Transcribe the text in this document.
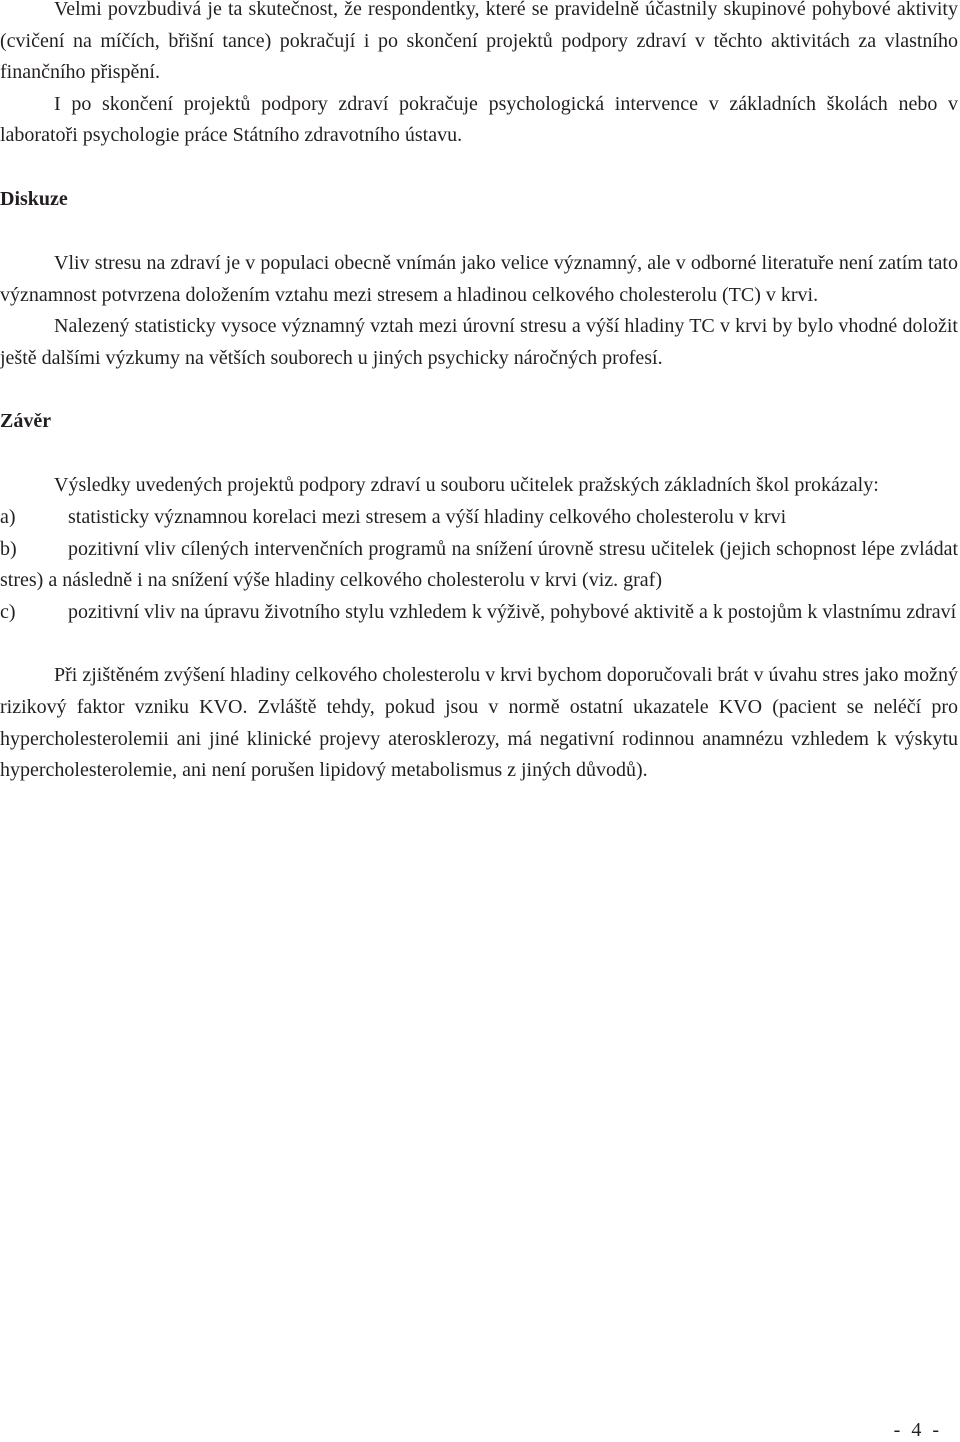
Velmi povzbudivá je ta skutečnost, že respondentky, které se pravidelně účastnily skupinové pohybové aktivity (cvičení na míčích, břišní tance) pokračují i po skončení projektů podpory zdraví v těchto aktivitách za vlastního finančního přispění.

I po skončení projektů podpory zdraví pokračuje psychologická intervence v základních školách nebo v laboratoři psychologie práce Státního zdravotního ústavu.

Diskuze

Vliv stresu na zdraví je v populaci obecně vnímán jako velice významný, ale v odborné literatuře není zatím tato významnost potvrzena doložením vztahu mezi stresem a hladinou celkového cholesterolu (TC) v krvi.

Nalezený statisticky vysoce významný vztah mezi úrovní stresu a výší hladiny TC v krvi by bylo vhodné doložit ještě dalšími výzkumy na větších souborech u jiných psychicky náročných profesí.

Závěr

Výsledky uvedených projektů podpory zdraví u souboru učitelek pražských základních škol prokázaly:

a)	statisticky významnou korelaci mezi stresem a výší hladiny celkového cholesterolu v krvi

b)	pozitivní vliv cílených intervenčních programů na snížení úrovně stresu učitelek (jejich schopnost lépe zvládat stres) a následně i na snížení výše hladiny celkového cholesterolu v krvi (viz. graf)

c)	pozitivní vliv na úpravu životního stylu vzhledem k výživě, pohybové aktivitě a k postojům k vlastnímu zdraví

Při zjištěném zvýšení hladiny celkového cholesterolu v krvi bychom doporučovali brát v úvahu stres jako možný rizikový faktor vzniku KVO. Zvláště tehdy, pokud jsou v normě ostatní ukazatele KVO (pacient se neléčí pro hypercholesterolemii ani jiné klinické projevy aterosklerozy, má negativní rodinnou anamnézu vzhledem k výskytu hypercholesterolemie, ani není porušen lipidový metabolismus z jiných důvodů).

- 4 -
